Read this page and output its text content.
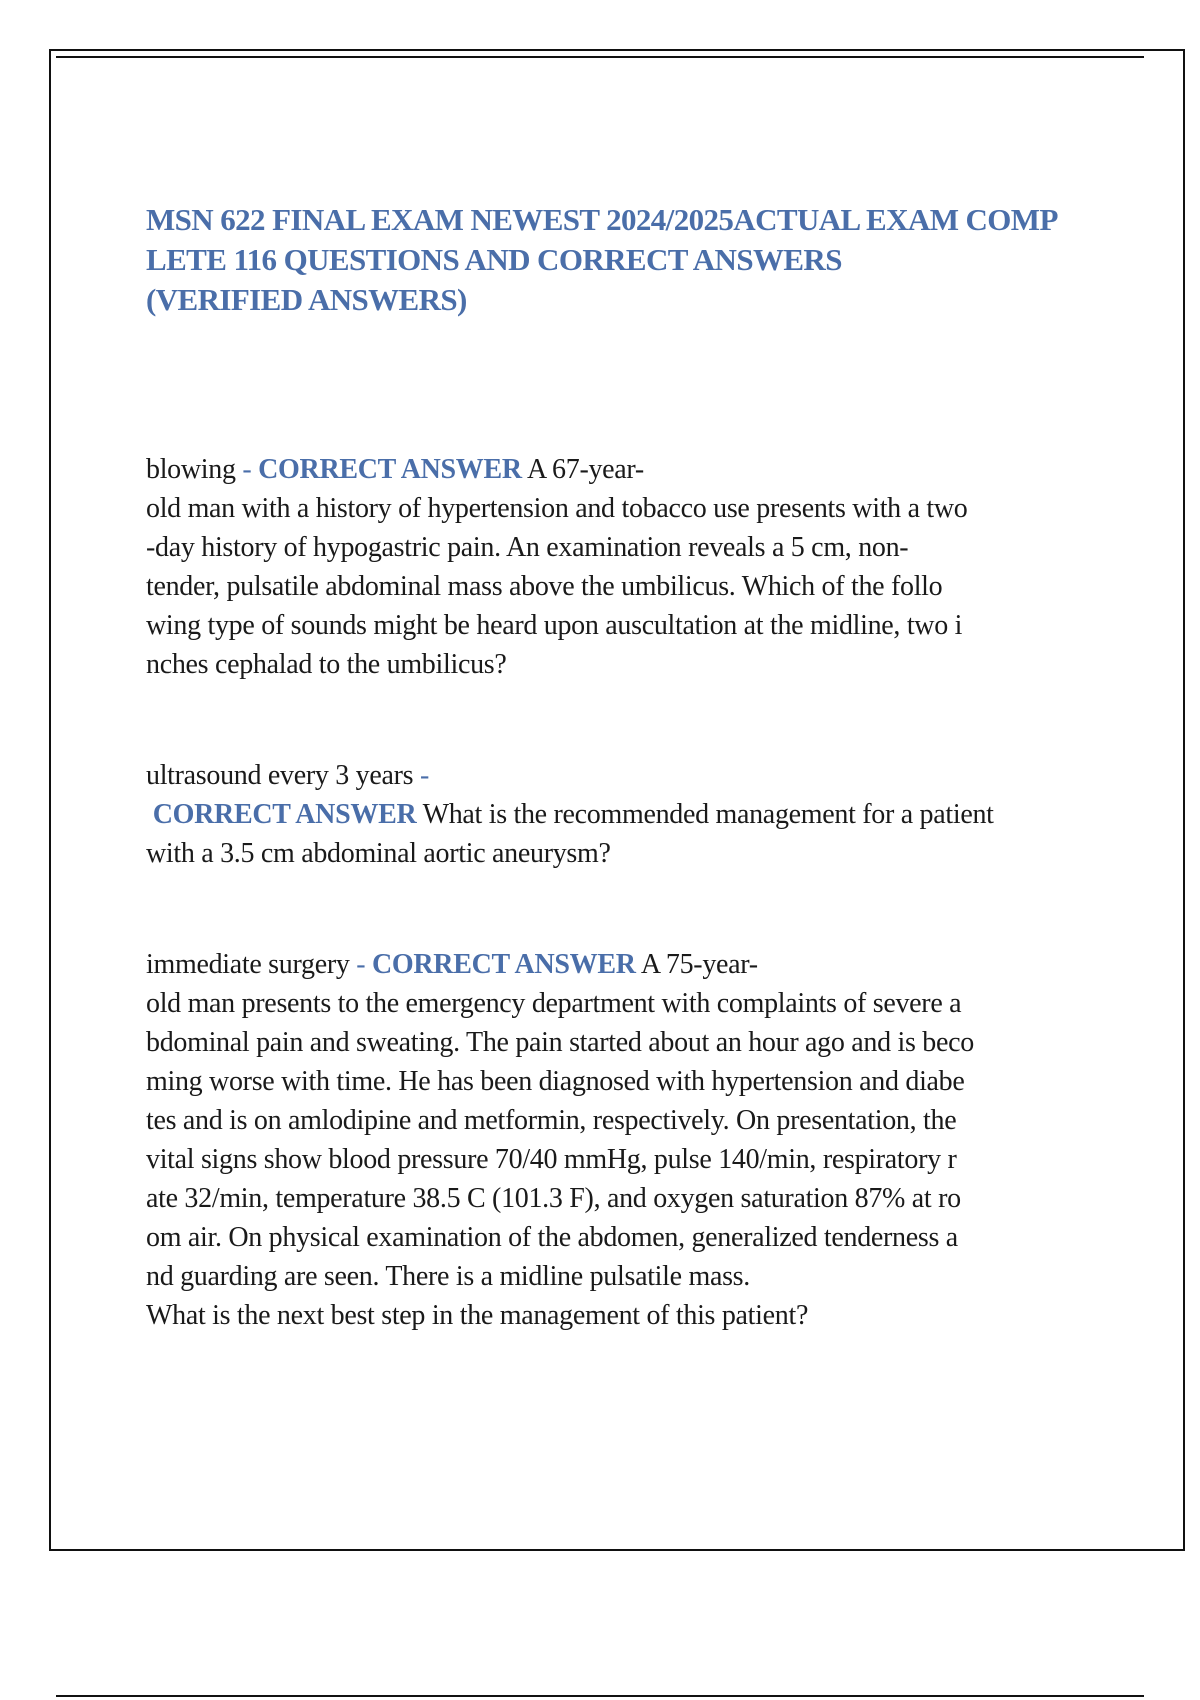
MSN 622 FINAL EXAM NEWEST 2024/2025ACTUAL EXAM COMP
LETE 116 QUESTIONS AND CORRECT ANSWERS
(VERIFIED ANSWERS)
blowing - CORRECT ANSWER A 67-year-
old man with a history of hypertension and tobacco use presents with a two
-day history of hypogastric pain. An examination reveals a 5 cm, non-
tender, pulsatile abdominal mass above the umbilicus. Which of the follo
wing type of sounds might be heard upon auscultation at the midline, two i
nches cephalad to the umbilicus?
ultrasound every 3 years -
CORRECT ANSWER What is the recommended management for a patient
with a 3.5 cm abdominal aortic aneurysm?
immediate surgery - CORRECT ANSWER A 75-year-
old man presents to the emergency department with complaints of severe a
bdominal pain and sweating. The pain started about an hour ago and is beco
ming worse with time. He has been diagnosed with hypertension and diabe
tes and is on amlodipine and metformin, respectively. On presentation, the
vital signs show blood pressure 70/40 mmHg, pulse 140/min, respiratory r
ate 32/min, temperature 38.5 C (101.3 F), and oxygen saturation 87% at ro
om air. On physical examination of the abdomen, generalized tenderness a
nd guarding are seen. There is a midline pulsatile mass.
What is the next best step in the management of this patient?
